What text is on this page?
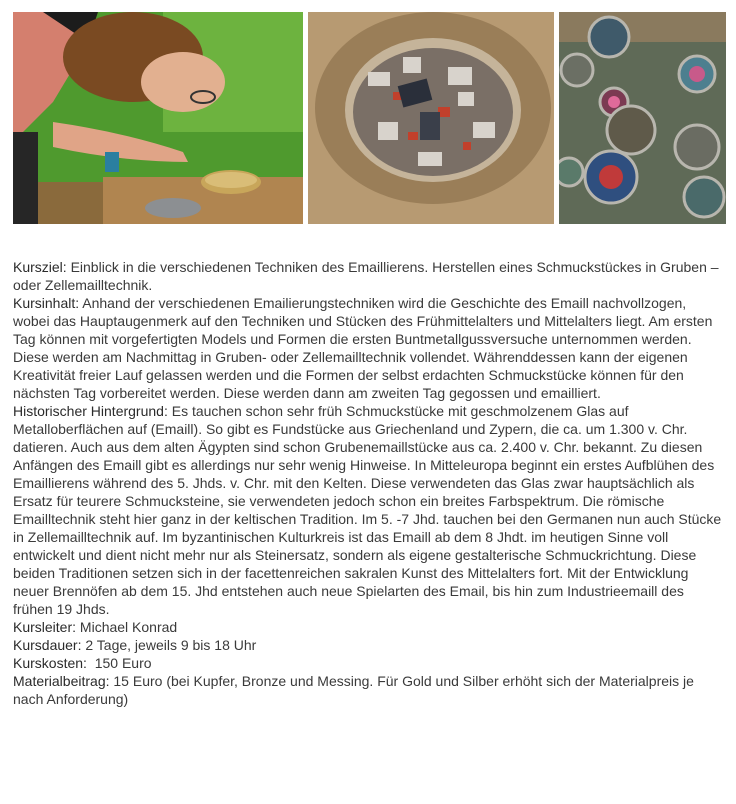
Kursziel: Einblick in die verschiedenen Techniken des Emaillierens. Herstellen eines Schmuckstückes in Gruben – oder Zellemailltechnik.

Kursinhalt: Anhand der verschiedenen Emailierungstechniken wird die Geschichte des Emaill nachvollzogen, wobei das Hauptaugenmerk auf den Techniken und Stücken des Frühmittelalters und Mittelalters liegt. Am ersten Tag können mit vorgefertigten Models und Formen die ersten Buntmetallgussversuche unternommen werden. Diese werden am Nachmittag in Gruben- oder Zellemailltechnik vollendet. Währenddessen kann der eigenen Kreativität freier Lauf gelassen werden und die Formen der selbst erdachten Schmuckstücke können für den nächsten Tag vorbereitet werden. Diese werden dann am zweiten Tag gegossen und emailliert.

Historischer Hintergrund: Es tauchen schon sehr früh Schmuckstücke mit geschmolzenem Glas auf Metalloberflächen auf (Emaill). So gibt es Fundstücke aus Griechenland und Zypern, die ca. um 1.300 v. Chr. datieren. Auch aus dem alten Ägypten sind schon Grubenemaillstücke aus ca. 2.400 v. Chr. bekannt. Zu diesen Anfängen des Emaill gibt es allerdings nur sehr wenig Hinweise. In Mitteleuropa beginnt ein erstes Aufblühen des Emaillierens während des 5. Jhds. v. Chr. mit den Kelten. Diese verwendeten das Glas zwar hauptsächlich als Ersatz für teurere Schmucksteine, sie verwendeten jedoch schon ein breites Farbspektrum. Die römische Emailltechnik steht hier ganz in der keltischen Tradition. Im 5. -7 Jhd. tauchen bei den Germanen nun auch Stücke in Zellemailltechnik auf. Im byzantinischen Kulturkreis ist das Emaill ab dem 8 Jhdt. im heutigen Sinne voll entwickelt und dient nicht mehr nur als Steinersatz, sondern als eigene gestalterische Schmuckrichtung. Diese beiden Traditionen setzen sich in der facettenreichen sakralen Kunst des Mittelalters fort. Mit der Entwicklung neuer Brennöfen ab dem 15. Jhd entstehen auch neue Spielarten des Email, bis hin zum Industrieemaill des frühen 19 Jhds.

Kursleiter: Michael Konrad

Kursdauer: 2 Tage, jeweils 9 bis 18 Uhr

Kurskosten:  150 Euro

Materialbeitrag: 15 Euro (bei Kupfer, Bronze und Messing. Für Gold und Silber erhöht sich der Materialpreis je nach Anforderung)
